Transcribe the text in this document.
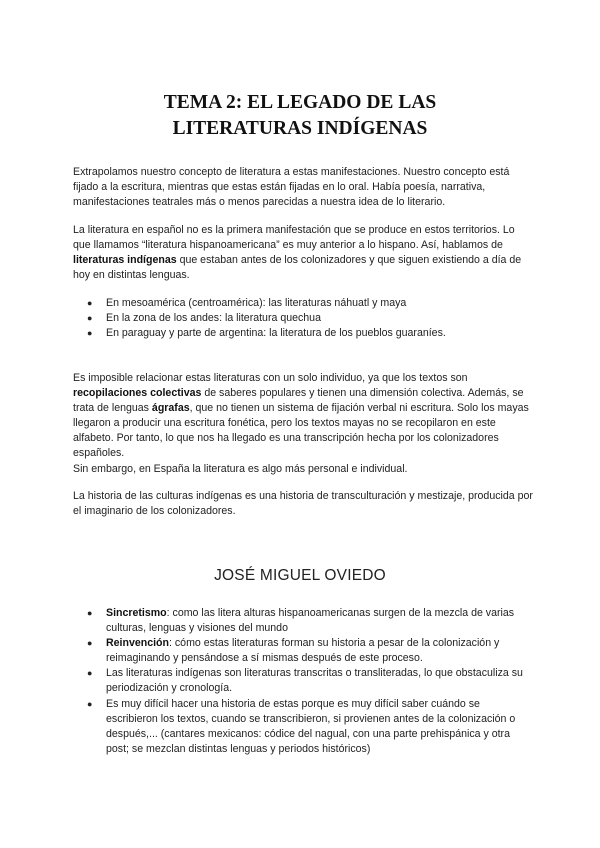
TEMA 2: EL LEGADO DE LAS
LITERATURAS INDÍGENAS

Extrapolamos nuestro concepto de literatura a estas manifestaciones. Nuestro concepto está fijado a la escritura, mientras que estas están fijadas en lo oral. Había poesía, narrativa, manifestaciones teatrales más o menos parecidas a nuestra idea de lo literario.

La literatura en español no es la primera manifestación que se produce en estos territorios. Lo que llamamos “literatura hispanoamericana” es muy anterior a lo hispano. Así, hablamos de literaturas indígenas que estaban antes de los colonizadores y que siguen existiendo a día de hoy en distintas lenguas.

● En mesoamérica (centroamérica): las literaturas náhuatl y maya
● En la zona de los andes: la literatura quechua
● En paraguay y parte de argentina: la literatura de los pueblos guaraníes.

Es imposible relacionar estas literaturas con un solo individuo, ya que los textos son recopilaciones colectivas de saberes populares y tienen una dimensión colectiva. Además, se trata de lenguas ágrafas, que no tienen un sistema de fijación verbal ni escritura. Solo los mayas llegaron a producir una escritura fonética, pero los textos mayas no se recopilaron en este alfabeto. Por tanto, lo que nos ha llegado es una transcripción hecha por los colonizadores españoles.

Sin embargo, en España la literatura es algo más personal e individual.

La historia de las culturas indígenas es una historia de transculturación y mestizaje, producida por el imaginario de los colonizadores.

JOSÉ MIGUEL OVIEDO
● Sincretismo: como las litera alturas hispanoamericanas surgen de la mezcla de varias culturas, lenguas y visiones del mundo
● Reinvención: cómo estas literaturas forman su historia a pesar de la colonización y reimaginando y pensándose a sí mismas después de este proceso.
● Las literaturas indígenas son literaturas transcritas o transliteradas, lo que obstaculiza su periodización y cronología.
● Es muy difícil hacer una historia de estas porque es muy difícil saber cuándo se escribieron los textos, cuando se transcribieron, si provienen antes de la colonización o después,... (cantares mexicanos: códice del nagual, con una parte prehispánica y otra post; se mezclan distintas lenguas y periodos históricos)
